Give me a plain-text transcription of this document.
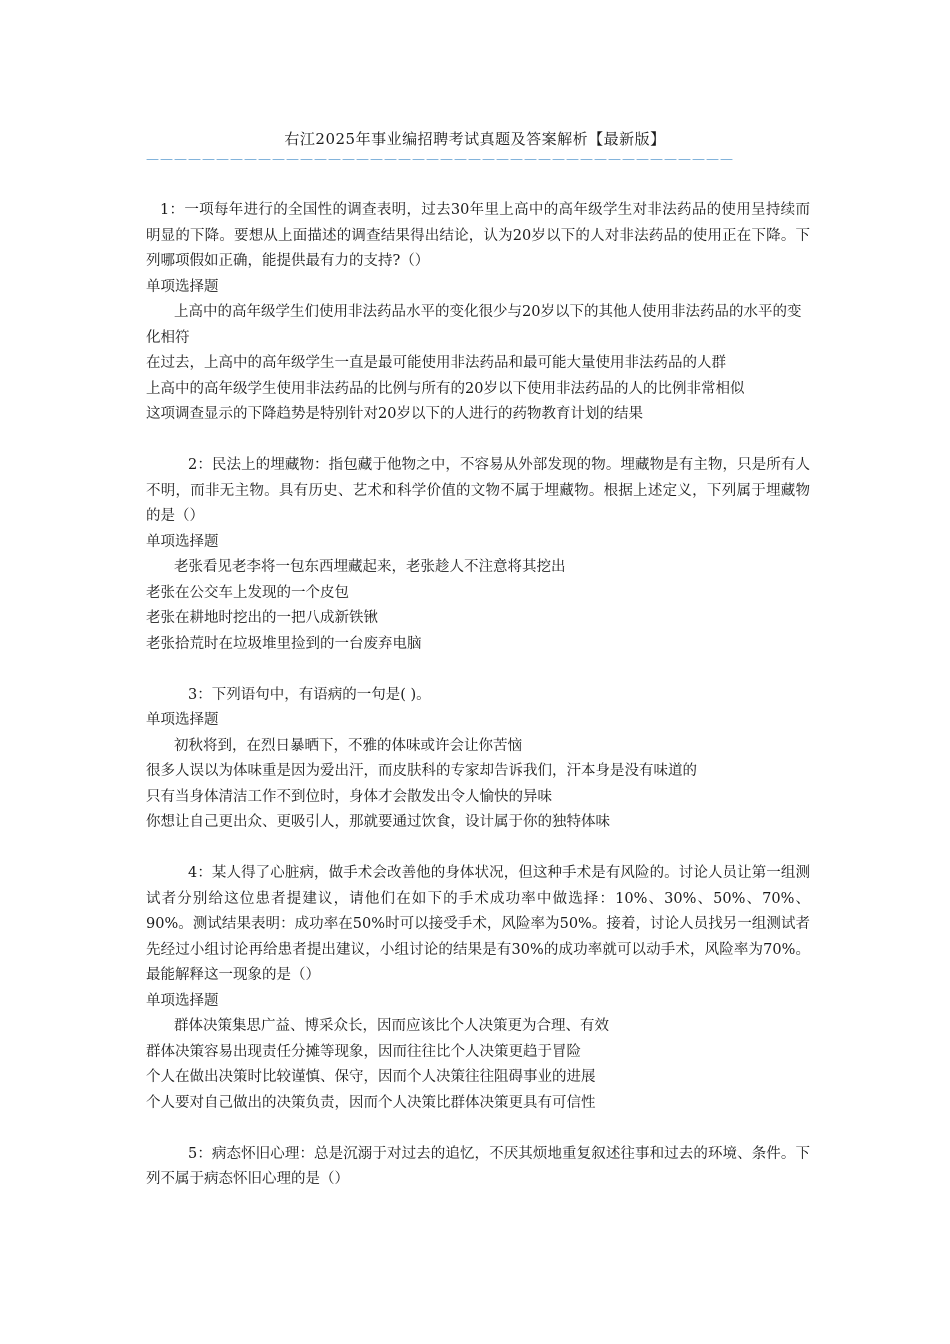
右江2025年事业编招聘考试真题及答案解析【最新版】
——————————————————————————————————————————
1：一项每年进行的全国性的调查表明，过去30年里上高中的高年级学生对非法药品的使用呈持续而明显的下降。要想从上面描述的调查结果得出结论，认为20岁以下的人对非法药品的使用正在下降。下列哪项假如正确，能提供最有力的支持?（）
单项选择题
上高中的高年级学生们使用非法药品水平的变化很少与20岁以下的其他人使用非法药品的水平的变化相符
在过去，上高中的高年级学生一直是最可能使用非法药品和最可能大量使用非法药品的人群
上高中的高年级学生使用非法药品的比例与所有的20岁以下使用非法药品的人的比例非常相似
这项调查显示的下降趋势是特别针对20岁以下的人进行的药物教育计划的结果
2：民法上的埋藏物：指包藏于他物之中，不容易从外部发现的物。埋藏物是有主物，只是所有人不明，而非无主物。具有历史、艺术和科学价值的文物不属于埋藏物。根据上述定义，下列属于埋藏物的是（）
单项选择题
老张看见老李将一包东西埋藏起来，老张趁人不注意将其挖出
老张在公交车上发现的一个皮包
老张在耕地时挖出的一把八成新铁锹
老张拾荒时在垃圾堆里捡到的一台废弃电脑
3：下列语句中，有语病的一句是( )。
单项选择题
初秋将到，在烈日暴晒下，不雅的体味或许会让你苦恼
很多人误以为体味重是因为爱出汗，而皮肤科的专家却告诉我们，汗本身是没有味道的
只有当身体清洁工作不到位时，身体才会散发出令人愉快的异味
你想让自己更出众、更吸引人，那就要通过饮食，设计属于你的独特体味
4：某人得了心脏病，做手术会改善他的身体状况，但这种手术是有风险的。讨论人员让第一组测试者分别给这位患者提建议，请他们在如下的手术成功率中做选择：10%、30%、50%、70%、90%。测试结果表明：成功率在50%时可以接受手术，风险率为50%。接着，讨论人员找另一组测试者先经过小组讨论再给患者提出建议，小组讨论的结果是有30%的成功率就可以动手术，风险率为70%。最能解释这一现象的是（）
单项选择题
群体决策集思广益、博采众长，因而应该比个人决策更为合理、有效
群体决策容易出现责任分摊等现象，因而往往比个人决策更趋于冒险
个人在做出决策时比较谨慎、保守，因而个人决策往往阻碍事业的进展
个人要对自己做出的决策负责，因而个人决策比群体决策更具有可信性
5：病态怀旧心理：总是沉溺于对过去的追忆，不厌其烦地重复叙述往事和过去的环境、条件。下列不属于病态怀旧心理的是（）
